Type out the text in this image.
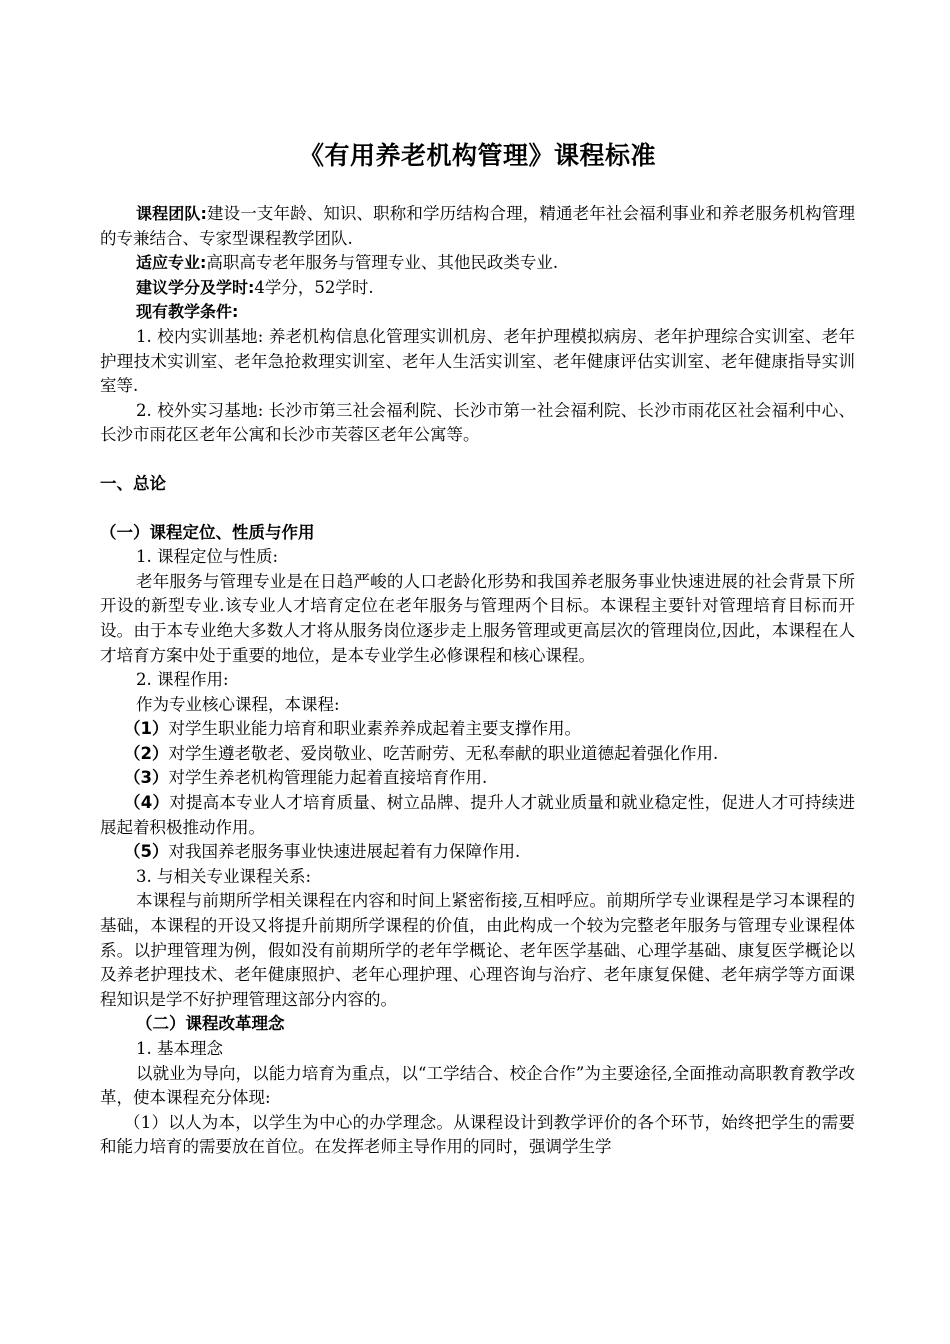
《有用养老机构管理》课程标准

课程团队:建设一支年龄、知识、职称和学历结构合理，精通老年社会福利事业和养老服务机构管理的专兼结合、专家型课程教学团队.

适应专业:高职高专老年服务与管理专业、其他民政类专业.

建议学分及学时:4学分，52学时.

现有教学条件:

1. 校内实训基地: 养老机构信息化管理实训机房、老年护理模拟病房、老年护理综合实训室、老年护理技术实训室、老年急抢救理实训室、老年人生活实训室、老年健康评估实训室、老年健康指导实训室等.

2. 校外实习基地: 长沙市第三社会福利院、长沙市第一社会福利院、长沙市雨花区社会福利中心、长沙市雨花区老年公寓和长沙市芙蓉区老年公寓等。

一、总论
（一）课程定位、性质与作用

1. 课程定位与性质:

老年服务与管理专业是在日趋严峻的人口老龄化形势和我国养老服务事业快速进展的社会背景下所开设的新型专业.该专业人才培育定位在老年服务与管理两个目标。本课程主要针对管理培育目标而开设。由于本专业绝大多数人才将从服务岗位逐步走上服务管理或更高层次的管理岗位,因此，本课程在人才培育方案中处于重要的地位，是本专业学生必修课程和核心课程。

2. 课程作用:

作为专业核心课程，本课程:

（1）对学生职业能力培育和职业素养养成起着主要支撑作用。

（2）对学生遵老敬老、爱岗敬业、吃苦耐劳、无私奉献的职业道德起着强化作用.

（3）对学生养老机构管理能力起着直接培育作用.

（4）对提高本专业人才培育质量、树立品牌、提升人才就业质量和就业稳定性，促进人才可持续进展起着积极推动作用。

（5）对我国养老服务事业快速进展起着有力保障作用.

3. 与相关专业课程关系:

本课程与前期所学相关课程在内容和时间上紧密衔接,互相呼应。前期所学专业课程是学习本课程的基础，本课程的开设又将提升前期所学课程的价值，由此构成一个较为完整老年服务与管理专业课程体系。以护理管理为例，假如没有前期所学的老年学概论、老年医学基础、心理学基础、康复医学概论以及养老护理技术、老年健康照护、老年心理护理、心理咨询与治疗、老年康复保健、老年病学等方面课程知识是学不好护理管理这部分内容的。

（二）课程改革理念

1. 基本理念

以就业为导向，以能力培育为重点，以“工学结合、校企合作”为主要途径,全面推动高职教育教学改革，使本课程充分体现:

（1）以人为本，以学生为中心的办学理念。从课程设计到教学评价的各个环节，始终把学生的需要和能力培育的需要放在首位。在发挥老师主导作用的同时，强调学生学
